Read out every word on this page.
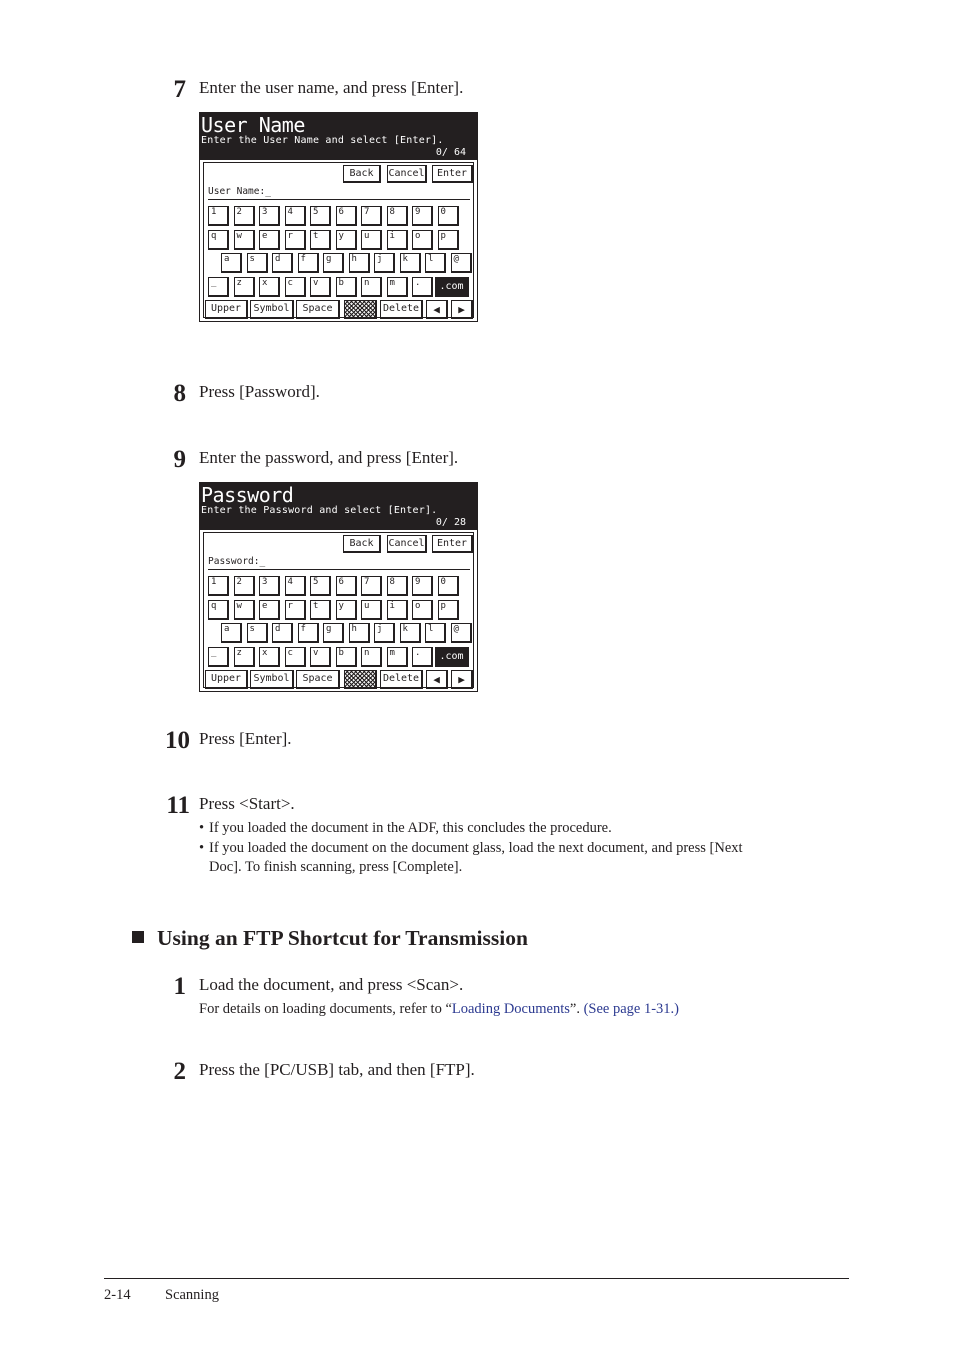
7 Enter the user name, and press [Enter].
User Name
Enter the User Name and select [Enter].
0/ 64
Back	Cancel	Enter
User Name:_
1	2	3	4	5	6	7	8	9	0
q	w	e	r	t	y	u	i	o	p
a	s	d	f	g	h	j	k	l	@
_	z	x	c	v	b	n	m	.	.com
Upper	Symbol	Space	Delete	◀ ▶
8 Press [Password].
9 Enter the password, and press [Enter].
Password
Enter the Password and select [Enter].
0/ 28
Back	Cancel	Enter
Password:_
1	2	3	4	5	6	7	8	9	0
q	w	e	r	t	y	u	i	o	p
a	s	d	f	g	h	j	k	l	@
_	z	x	c	v	b	n	m	.	.com
Upper	Symbol	Space	Delete	◀ ▶
10 Press [Enter].
11 Press <Start>.
• If you loaded the document in the ADF, this concludes the procedure.
• If you loaded the document on the document glass, load the next document, and press [Next
Doc]. To finish scanning, press [Complete].
Using an FTP Shortcut for Transmission
1 Load the document, and press <Scan>.
For details on loading documents, refer to “Loading Documents”. (See page 1-31.)
2 Press the [PC/USB] tab, and then [FTP].
2-14 Scanning
